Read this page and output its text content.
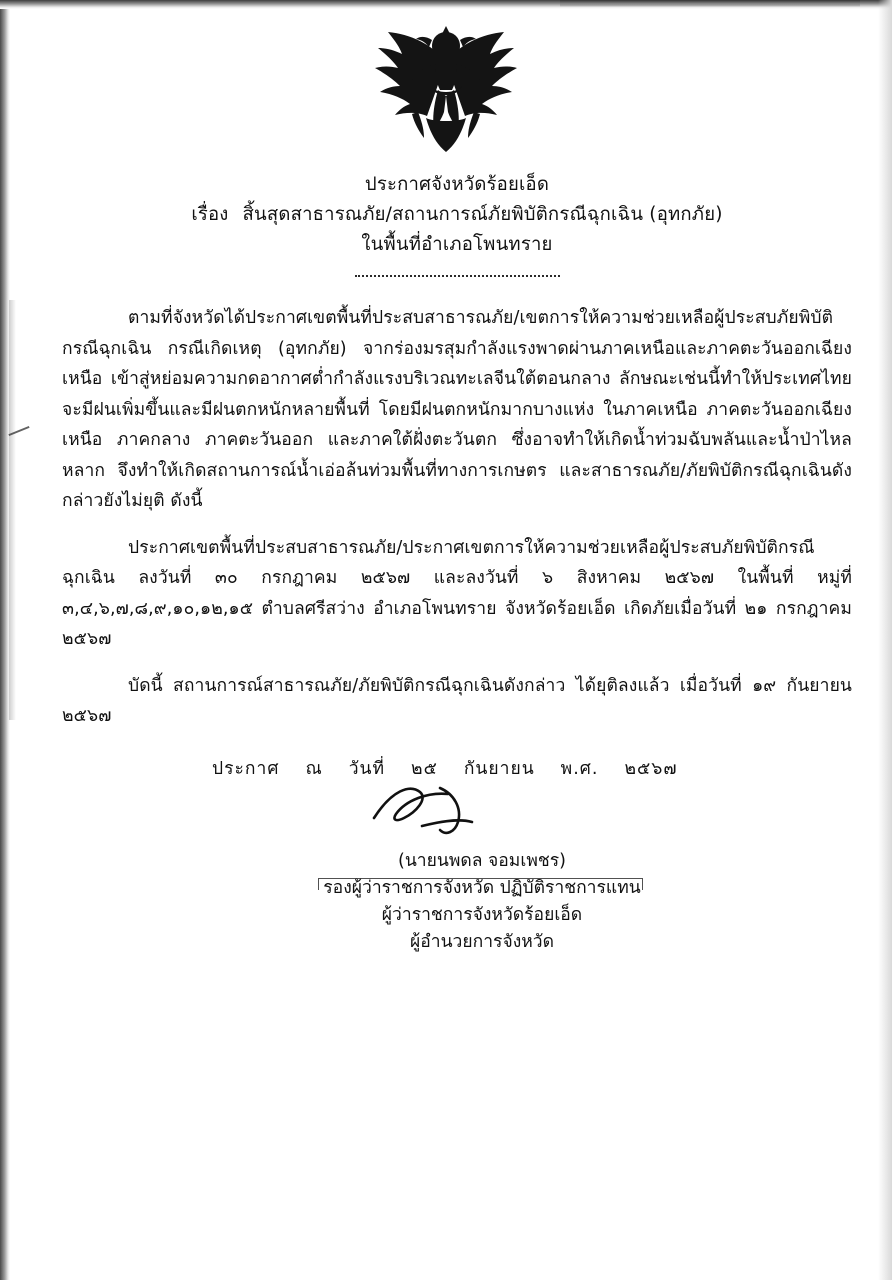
ประกาศจังหวัดร้อยเอ็ด
เรื่อง สิ้นสุดสาธารณภัย/สถานการณ์ภัยพิบัติกรณีฉุกเฉิน (อุทกภัย)
ในพื้นที่อำเภอโพนทราย

ตามที่จังหวัดได้ประกาศเขตพื้นที่ประสบสาธารณภัย/เขตการให้ความช่วยเหลือผู้ประสบภัยพิบัติกรณีฉุกเฉิน กรณีเกิดเหตุ (อุทกภัย) จากร่องมรสุมกำลังแรงพาดผ่านภาคเหนือและภาคตะวันออกเฉียงเหนือ เข้าสู่หย่อมความกดอากาศต่ำกำลังแรงบริเวณทะเลจีนใต้ตอนกลาง ลักษณะเช่นนี้ทำให้ประเทศไทยจะมีฝนเพิ่มขึ้นและมีฝนตกหนักหลายพื้นที่ โดยมีฝนตกหนักมากบางแห่ง ในภาคเหนือ ภาคตะวันออกเฉียงเหนือ ภาคกลาง ภาคตะวันออก และภาคใต้ฝั่งตะวันตก ซึ่งอาจทำให้เกิดน้ำท่วมฉับพลันและน้ำป่าไหลหลาก จึงทำให้เกิดสถานการณ์น้ำเอ่อล้นท่วมพื้นที่ทางการเกษตร และสาธารณภัย/ภัยพิบัติกรณีฉุกเฉินดังกล่าวยังไม่ยุติ ดังนี้

ประกาศเขตพื้นที่ประสบสาธารณภัย/ประกาศเขตการให้ความช่วยเหลือผู้ประสบภัยพิบัติกรณีฉุกเฉิน ลงวันที่ ๓๐ กรกฎาคม ๒๕๖๗ และลงวันที่ ๖ สิงหาคม ๒๕๖๗ ในพื้นที่ หมู่ที่ ๓,๔,๖,๗,๘,๙,๑๐,๑๒,๑๕ ตำบลศรีสว่าง อำเภอโพนทราย จังหวัดร้อยเอ็ด เกิดภัยเมื่อวันที่ ๒๑ กรกฎาคม ๒๕๖๗

บัดนี้ สถานการณ์สาธารณภัย/ภัยพิบัติกรณีฉุกเฉินดังกล่าว ได้ยุติลงแล้ว เมื่อวันที่ ๑๙ กันยายน ๒๕๖๗

ประกาศ ณ วันที่ ๒๕ กันยายน พ.ศ. ๒๕๖๗
(นายนพดล จอมเพชร)
รองผู้ว่าราชการจังหวัด ปฏิบัติราชการแทน
ผู้ว่าราชการจังหวัดร้อยเอ็ด
ผู้อำนวยการจังหวัด
